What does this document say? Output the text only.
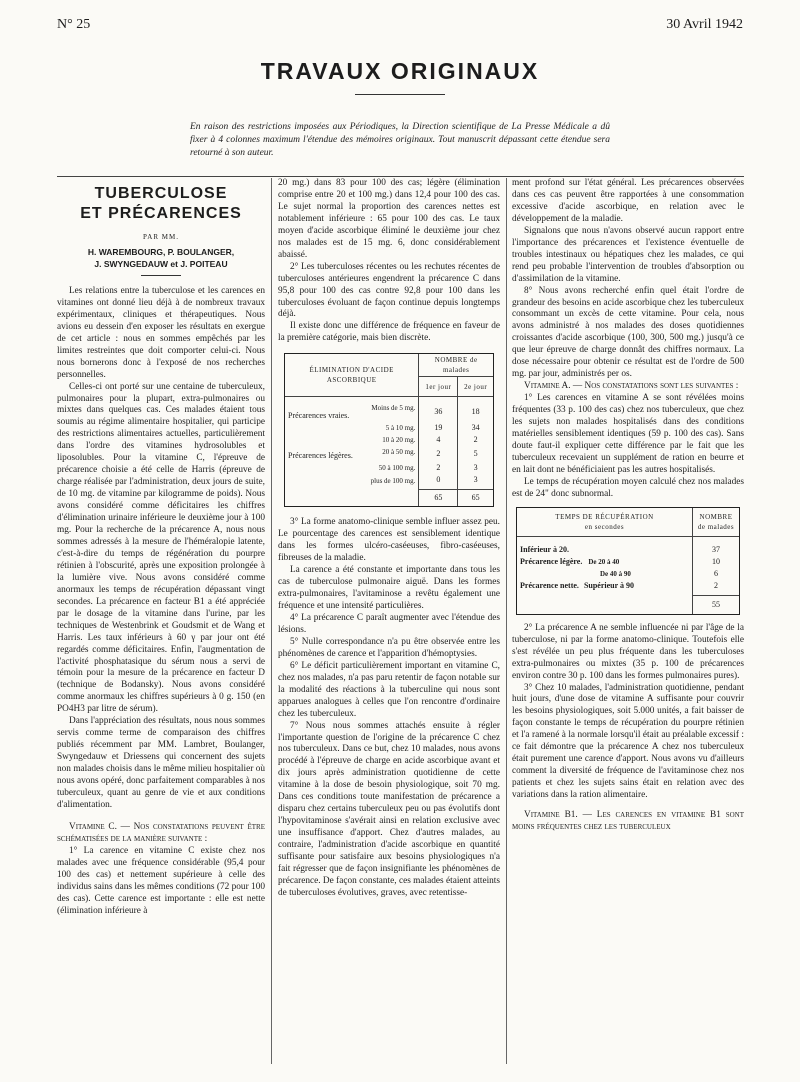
N° 25	30 Avril 1942
TRAVAUX ORIGINAUX
En raison des restrictions imposées aux Périodiques, la Direction scientifique de La Presse Médicale a dû fixer à 4 colonnes maximum l'étendue des mémoires originaux. Tout manuscrit dépassant cette étendue sera retourné à son auteur.
TUBERCULOSE
ET PRÉCARENCES
PAR MM.
H. WAREMBOURG, P. BOULANGER,
J. SWYNGEDAUW et J. POITEAU

Les relations entre la tuberculose et les carences en vitamines ont donné lieu déjà à de nombreux travaux expérimentaux, cliniques et thérapeutiques. Nous avions eu dessein d'en exposer les résultats en exergue de cet article : nous en sommes empêchés par les limites restreintes que doit comporter celui-ci. Nous nous bornerons donc à l'exposé de nos recherches personnelles.

Celles-ci ont porté sur une centaine de tuberculeux, pulmonaires pour la plupart, extra-pulmonaires ou mixtes dans quelques cas. Ces malades étaient tous soumis au régime alimentaire hospitalier, qui participe des restrictions alimentaires actuelles, particulièrement dans l'ordre des vitamines hydrosolubles et liposolubles. Pour la vitamine C, l'épreuve de précarence choisie a été celle de Harris (épreuve de charge réalisée par l'administration, deux jours de suite, de 10 mg. de vitamine par kilogramme de poids). Nous avons considéré comme déficitaires les chiffres d'élimination urinaire inférieure le deuxième jour à 100 mg. Pour la recherche de la précarence A, nous nous sommes adressés à la mesure de l'héméralopie latente, c'est-à-dire du temps de régénération du pourpre rétinien à l'obscurité, après une exposition prolongée à la lumière vive. Nous avons considéré comme anormaux les temps de récupération dépassant vingt secondes. La précarence en facteur B1 a été appréciée par le dosage de la vitamine dans l'urine, par les techniques de Westenbrink et Goudsmit et de Wang et Harris. Les taux inférieurs à 60 γ par jour ont été regardés comme déficitaires. Enfin, l'augmentation de l'activité phosphatasique du sérum nous a servi de témoin pour la mesure de la précarence en facteur D (technique de Bodansky). Nous avons considéré comme anormaux les chiffres supérieurs à 0 g. 150 (en PO4H3 par litre de sérum).

Dans l'appréciation des résultats, nous nous sommes servis comme terme de comparaison des chiffres publiés récemment par MM. Lambret, Boulanger, Swyngedauw et Driessens qui concernent des sujets non malades choisis dans le même milieu hospitalier où nous avons opéré, donc parfaitement comparables à nos tuberculeux, quant au genre de vie et aux conditions d'alimentation.

Vitamine C. — Nos constatations peuvent être schématisées de la manière suivante :

1° La carence en vitamine C existe chez nos malades avec une fréquence considérable (95,4 pour 100 des cas) et nettement supérieure à celle des individus sains dans les mêmes conditions (72 pour 100 des cas). Cette carence est importante : elle est nette (élimination inférieure à

20 mg.) dans 83 pour 100 des cas; légère (élimination comprise entre 20 et 100 mg.) dans 12,4 pour 100 des cas. Le sujet normal la proportion des carences nettes est notablement inférieure : 65 pour 100 des cas. Le taux moyen d'acide ascorbique éliminé le deuxième jour chez nos malades est de 15 mg. 6, donc considérablement abaissé.

2° Les tuberculoses récentes ou les rechutes récentes de tuberculoses antérieures engendrent la précarence C dans 95,8 pour 100 des cas contre 92,8 pour 100 dans les tuberculoses évoluant de façon continue depuis longtemps déjà.

Il existe donc une différence de fréquence en faveur de la première catégorie, mais bien discrète.

ÉLIMINATION D'ACIDE ASCORBIQUE	NOMBRE de malades	
	1er jour	2e jour

Précarences vraies.
Moins de 5 mg.	36	18

5 à 10 mg.	19	34

10 à 20 mg.	4	2

Précarences légères. 20 à 50 mg.	2	5

50 à 100 mg.	2	3

plus de 100 mg.	0	3
	65	65

3° La forme anatomo-clinique semble influer assez peu. Le pourcentage des carences est sensiblement identique dans les formes ulcéro-caséeuses, fibro-caséeuses, fibreuses de la maladie.

La carence a été constante et importante dans tous les cas de tuberculose pulmonaire aiguë. Dans les formes extra-pulmonaires, l'avitaminose a revêtu également une fréquence et une intensité particulières.

4° La précarence C paraît augmenter avec l'étendue des lésions.

5° Nulle correspondance n'a pu être observée entre les phénomènes de carence et l'apparition d'hémoptysies.

6° Le déficit particulièrement important en vitamine C, chez nos malades, n'a pas paru retentir de façon notable sur la modalité des réactions à la tuberculine qui nous sont apparues analogues à celles que l'on rencontre d'ordinaire chez les tuberculeux.

7° Nous nous sommes attachés ensuite à régler l'importante question de l'origine de la précarence C chez nos tuberculeux. Dans ce but, chez 10 malades, nous avons procédé à l'épreuve de charge en acide ascorbique avant et dix jours après administration quotidienne de cette vitamine à la dose de besoin physiologique, soit 70 mg. Dans ces conditions toute manifestation de précarence a disparu chez certains tuberculeux peu ou pas évolutifs dont l'hypovitaminose s'avérait ainsi en relation exclusive avec une insuffisance d'apport. Chez d'autres malades, au contraire, l'administration d'acide ascorbique en quantité suffisante pour satisfaire aux besoins physiologiques n'a fait régresser que de façon insignifiante les phénomènes de précarence. De façon constante, ces malades étaient atteints de tuberculoses évolutives, graves, avec retentisse-

ment profond sur l'état général. Les précarences observées dans ces cas peuvent être rapportées à une consommation excessive d'acide ascorbique, en relation avec le développement de la maladie.

Signalons que nous n'avons observé aucun rapport entre l'importance des précarences et l'existence éventuelle de troubles intestinaux ou hépatiques chez les malades, ce qui rend peu probable l'intervention de troubles d'absorption ou d'assimilation de la vitamine.

8° Nous avons recherché enfin quel était l'ordre de grandeur des besoins en acide ascorbique chez les tuberculeux consommant un excès de cette vitamine. Pour cela, nous avons administré à nos malades des doses quotidiennes croissantes d'acide ascorbique (100, 300, 500 mg.) jusqu'à ce que leur épreuve de charge donnât des chiffres normaux. La dose nécessaire pour obtenir ce résultat est de l'ordre de 500 mg. par jour, administrés per os.

Vitamine A. — Nos constatations sont les suivantes :

1° Les carences en vitamine A se sont révélées moins fréquentes (33 p. 100 des cas) chez nos tuberculeux, que chez les sujets non malades hospitalisés dans des conditions matérielles sensiblement identiques (59 p. 100 des cas). Sans doute faut-il expliquer cette différence par le fait que les tuberculeux recevaient un supplément de ration en beurre et en lait dont ne bénéficiaient pas les autres hospitalisés.

Le temps de récupération moyen calculé chez nos malades est de 24" donc subnormal.

TEMPS DE RÉCUPÉRATION
en secondes	NOMBRE de malades
Inférieur à 20.	37
Précarence légère. De 20 à 40	10
De 40 à 90	6
Précarence nette. Supérieur à 90	2
	55

2° La précarence A ne semble influencée ni par l'âge de la tuberculose, ni par la forme anatomo-clinique. Toutefois elle s'est révélée un peu plus fréquente dans les tuberculoses extra-pulmonaires ou mixtes (35 p. 100 de précarences environ contre 30 p. 100 dans les formes pulmonaires pures).

3° Chez 10 malades, l'administration quotidienne, pendant huit jours, d'une dose de vitamine A suffisante pour couvrir les besoins physiologiques, soit 5.000 unités, a fait baisser de façon constante le temps de récupération du pourpre rétinien et l'a ramené à la normale lorsqu'il était au préalable excessif : ce fait démontre que la précarence A chez nos tuberculeux était purement une carence d'apport. Nous avons vu d'ailleurs comment la diversité de fréquence de l'avitaminose chez nos patients et chez les sujets sains était en relation avec des variations dans la ration alimentaire.

Vitamine B1. — Les carences en vitamine B1 sont moins fréquentes chez les tuberculeux
